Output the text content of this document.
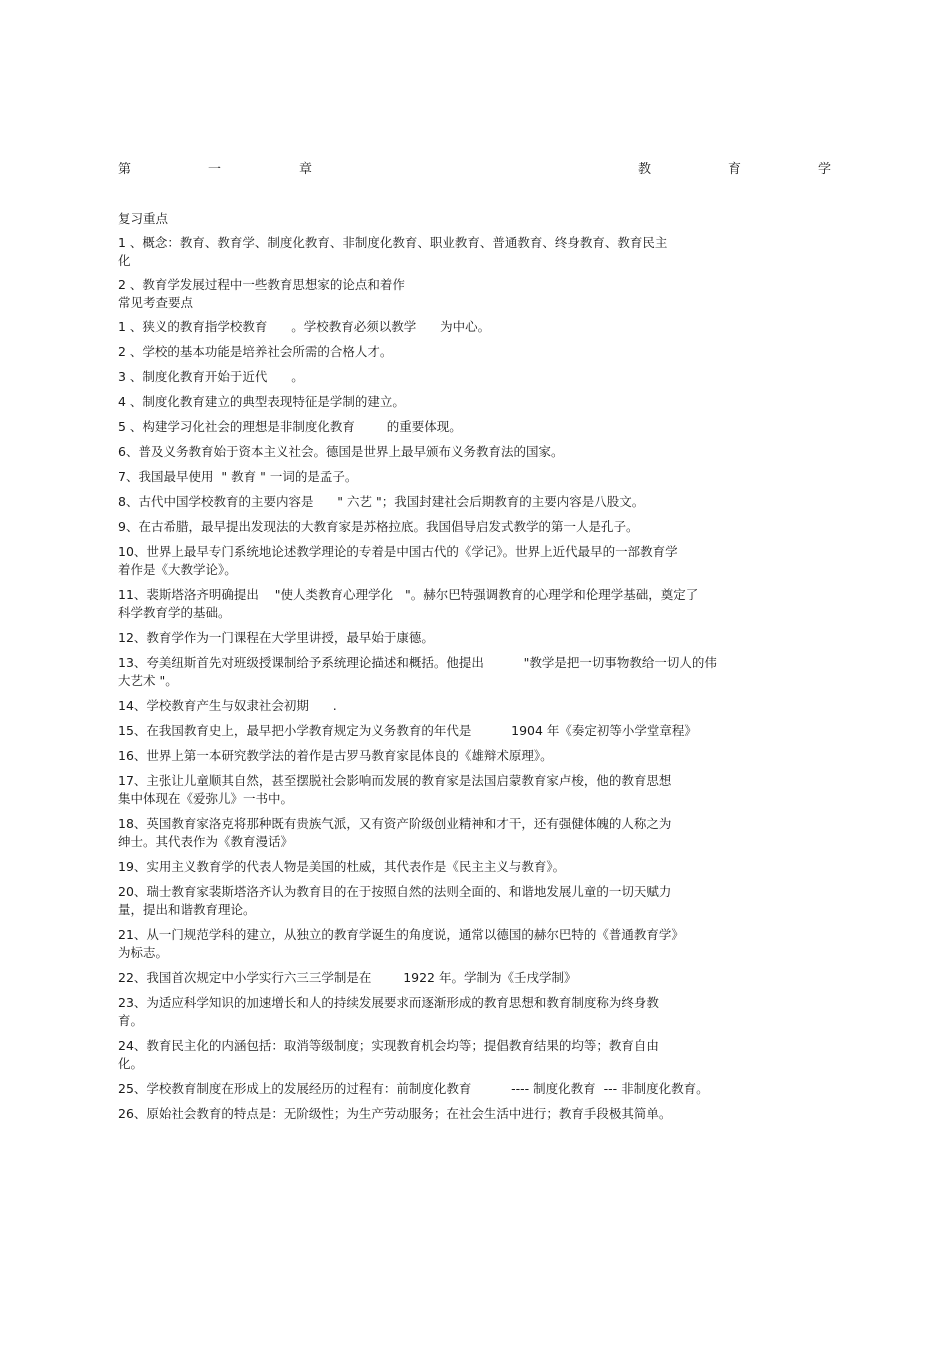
第	一	章	教	育	学

复习重点

1 、概念：教育、教育学、制度化教育、非制度化教育、职业教育、普通教育、终身教育、教育民主

化

2 、教育学发展过程中一些教育思想家的论点和着作

常见考查要点

1 、狭义的教育指学校教育      。学校教育必须以教学      为中心。

2 、学校的基本功能是培养社会所需的合格人才。

3 、制度化教育开始于近代      。

4 、制度化教育建立的典型表现特征是学制的建立。

5 、构建学习化社会的理想是非制度化教育        的重要体现。

6、普及义务教育始于资本主义社会。德国是世界上最早颁布义务教育法的国家。

7、我国最早使用  " 教育 " 一词的是孟子。

8、古代中国学校教育的主要内容是      " 六艺 "；我国封建社会后期教育的主要内容是八股文。

9、在古希腊，最早提出发现法的大教育家是苏格拉底。我国倡导启发式教学的第一人是孔子。

10、世界上最早专门系统地论述教学理论的专着是中国古代的《学记》。世界上近代最早的一部教育学

着作是《大教学论》。

11、裴斯塔洛齐明确提出    "使人类教育心理学化   "。赫尔巴特强调教育的心理学和伦理学基础，奠定了

科学教育学的基础。

12、教育学作为一门课程在大学里讲授，最早始于康德。

13、夸美纽斯首先对班级授课制给予系统理论描述和概括。他提出          "教学是把一切事物教给一切人的伟

大艺术 "。

14、学校教育产生与奴隶社会初期      .

15、在我国教育史上，最早把小学教育规定为义务教育的年代是          1904 年《奏定初等小学堂章程》

16、世界上第一本研究教学法的着作是古罗马教育家昆体良的《雄辩术原理》。

17、主张让儿童顺其自然，甚至摆脱社会影响而发展的教育家是法国启蒙教育家卢梭，他的教育思想

集中体现在《爱弥儿》一书中。

18、英国教育家洛克将那种既有贵族气派，又有资产阶级创业精神和才干，还有强健体魄的人称之为

绅士。其代表作为《教育漫话》

19、实用主义教育学的代表人物是美国的杜威，其代表作是《民主主义与教育》。

20、瑞士教育家裴斯塔洛齐认为教育目的在于按照自然的法则全面的、和谐地发展儿童的一切天赋力

量，提出和谐教育理论。

21、从一门规范学科的建立，从独立的教育学诞生的角度说，通常以德国的赫尔巴特的《普通教育学》

为标志。

22、我国首次规定中小学实行六三三学制是在        1922 年。学制为《壬戌学制》

23、为适应科学知识的加速增长和人的持续发展要求而逐渐形成的教育思想和教育制度称为终身教

育。

24、教育民主化的内涵包括：取消等级制度；实现教育机会均等；提倡教育结果的均等；教育自由

化。

25、学校教育制度在形成上的发展经历的过程有：前制度化教育          ---- 制度化教育  --- 非制度化教育。

26、原始社会教育的特点是：无阶级性；为生产劳动服务；在社会生活中进行；教育手段极其简单。
